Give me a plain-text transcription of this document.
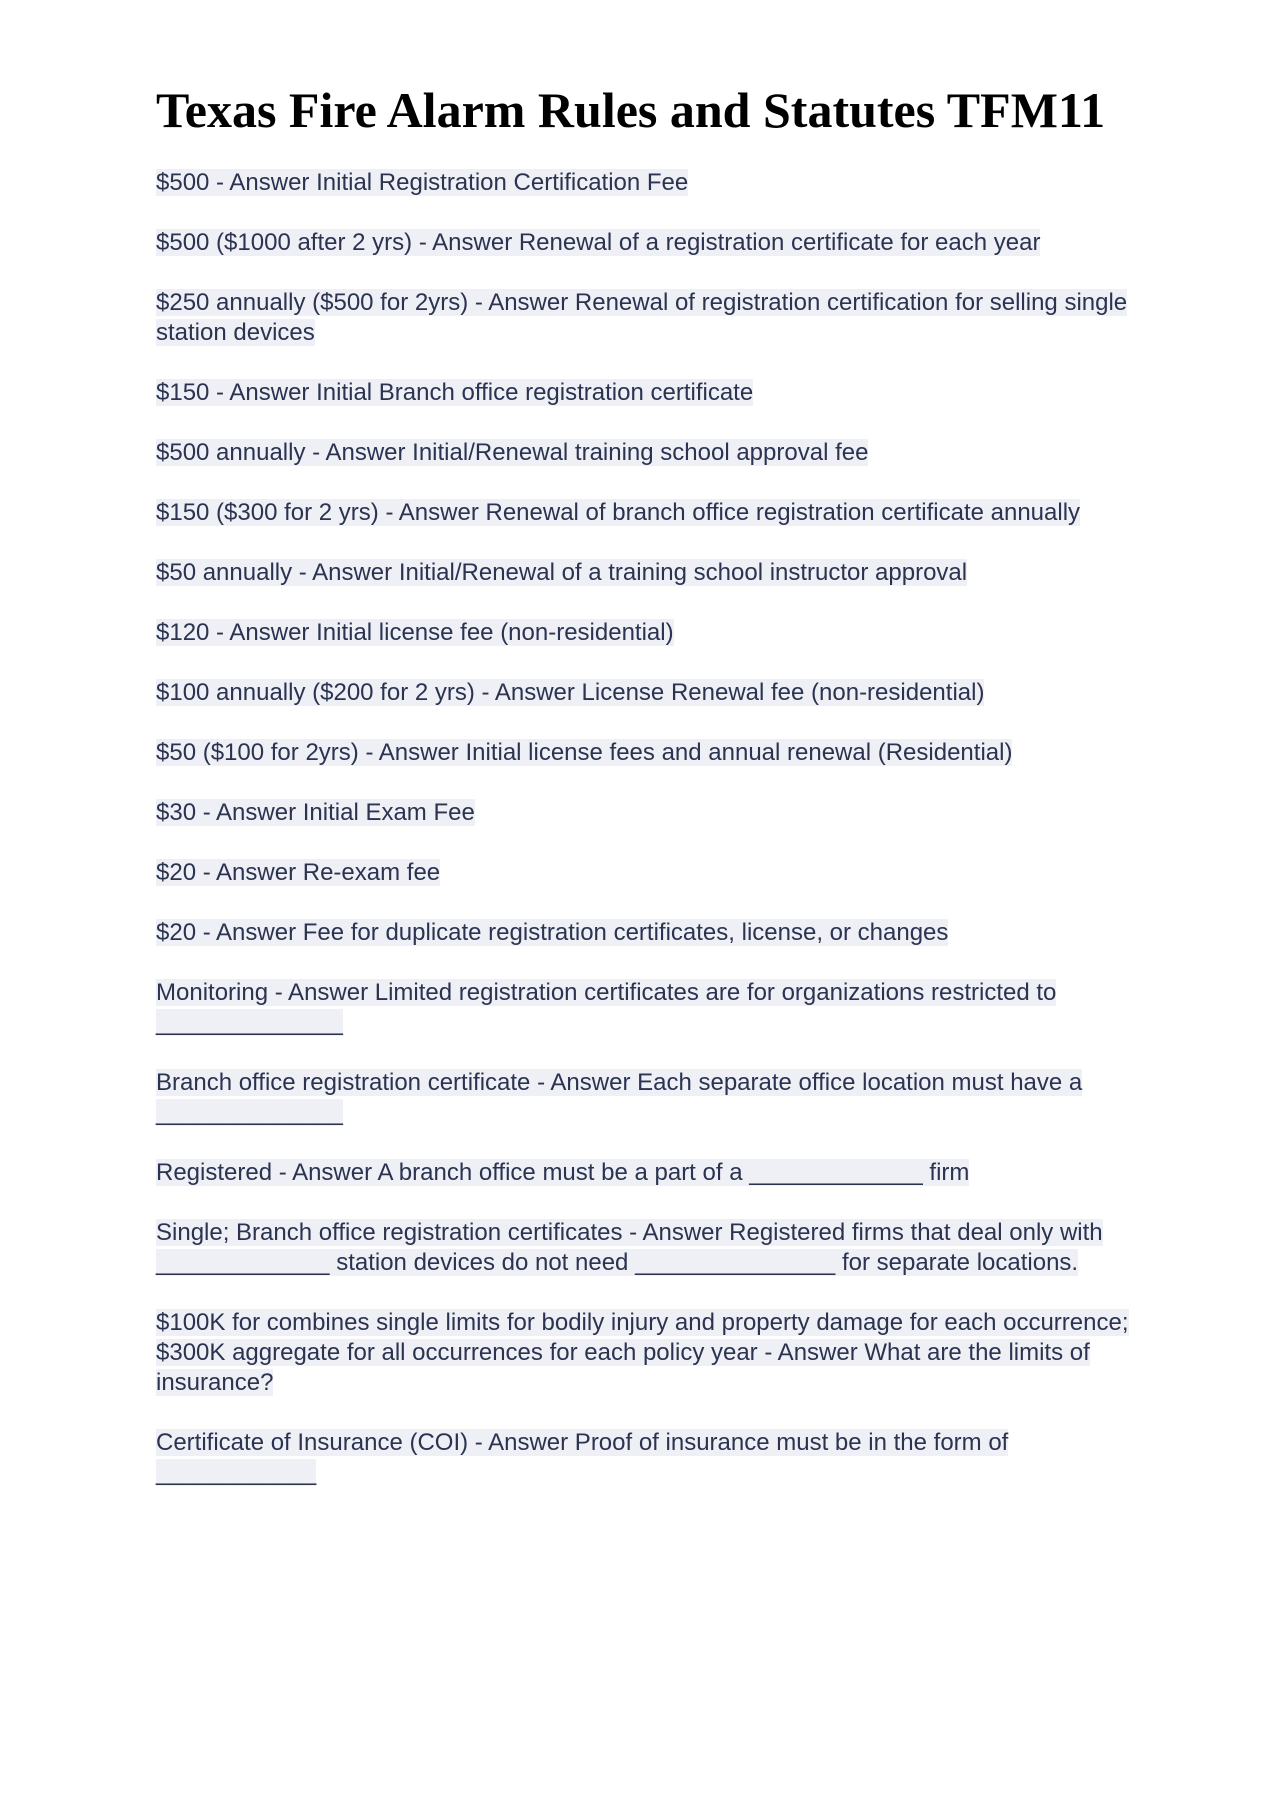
Texas Fire Alarm Rules and Statutes TFM11

$500 - Answer Initial Registration Certification Fee

$500 ($1000 after 2 yrs) - Answer Renewal of a registration certificate for each year

$250 annually ($500 for 2yrs) - Answer Renewal of registration certification for selling single station devices

$150 - Answer Initial Branch office registration certificate

$500 annually - Answer Initial/Renewal training school approval fee

$150 ($300 for 2 yrs) - Answer Renewal of branch office registration certificate annually

$50 annually - Answer Initial/Renewal of a training school instructor approval

$120 - Answer Initial license fee (non-residential)

$100 annually ($200 for 2 yrs) - Answer License Renewal fee (non-residential)

$50 ($100 for 2yrs) - Answer Initial license fees and annual renewal (Residential)

$30 - Answer Initial Exam Fee

$20 - Answer Re-exam fee

$20 - Answer Fee for duplicate registration certificates, license, or changes

Monitoring - Answer Limited registration certificates are for organizations restricted to ______________

Branch office registration certificate - Answer Each separate office location must have a ______________

Registered - Answer A branch office must be a part of a _____________ firm

Single; Branch office registration certificates - Answer Registered firms that deal only with _____________ station devices do not need _______________ for separate locations.

$100K for combines single limits for bodily injury and property damage for each occurrence;
$300K aggregate for all occurrences for each policy year - Answer What are the limits of insurance?

Certificate of Insurance (COI) - Answer Proof of insurance must be in the form of ____________
